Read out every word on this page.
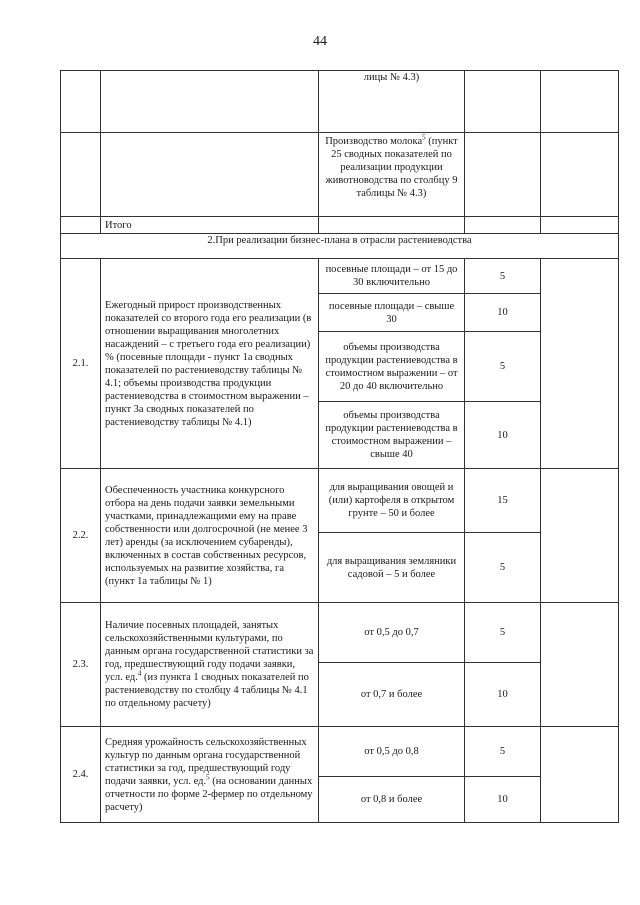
44
		лицы № 4.3)		
		Производство молока$^5$ (пункт 25 сводных показателей по реализации продукции животноводства по столбцу 9 таблицы № 4.3)		
	Итого			
2.При реализации бизнес-плана в отрасли растениеводства				
2.1.	Ежегодный прирост производственных показателей со второго года его реализации (в отношении выращивания многолетних насаждений – с третьего года его реализации) % (посевные площади - пункт 1а сводных показателей по растениеводству таблицы № 4.1; объемы производства продукции растениеводства в стоимостном выражении – пункт 3а сводных показателей по растениеводству таблицы № 4.1)	посевные площади – от 15 до 30 включительно	5	
		посевные площади – свыше 30	10	
		объемы производства продукции растениеводства в стоимостном выражении – от 20 до 40 включительно	5	
		объемы производства продукции растениеводства в стоимостном выражении – свыше 40	10	
2.2.	Обеспеченность участника конкурсного отбора на день подачи заявки земельными участками, принадлежащими ему на праве собственности или долгосрочной (не менее 3 лет) аренды (за исключением субаренды), включенных в состав собственных ресурсов, используемых на развитие хозяйства, га (пункт 1а таблицы № 1)	для выращивания овощей и (или) картофеля в открытом грунте – 50 и более	15	
		для выращивания земляники садовой – 5 и более	5	
2.3.	Наличие посевных площадей, занятых сельскохозяйственными культурами, по данным органа государственной статистики за год, предшествующий году подачи заявки, усл. ед.$^4$ (из пункта 1 сводных показателей по растениеводству по столбцу 4 таблицы № 4.1 по отдельному расчету)	от 0,5 до 0,7	5	
		от 0,7 и более	10	
2.4.	Средняя урожайность сельскохозяйственных культур по данным органа государственной статистики за год, предшествующий году подачи заявки, усл. ед.$^5$ (на основании данных отчетности по форме 2-фермер по отдельному расчету)	от 0,5 до 0,8	5	
		от 0,8 и более	10	
